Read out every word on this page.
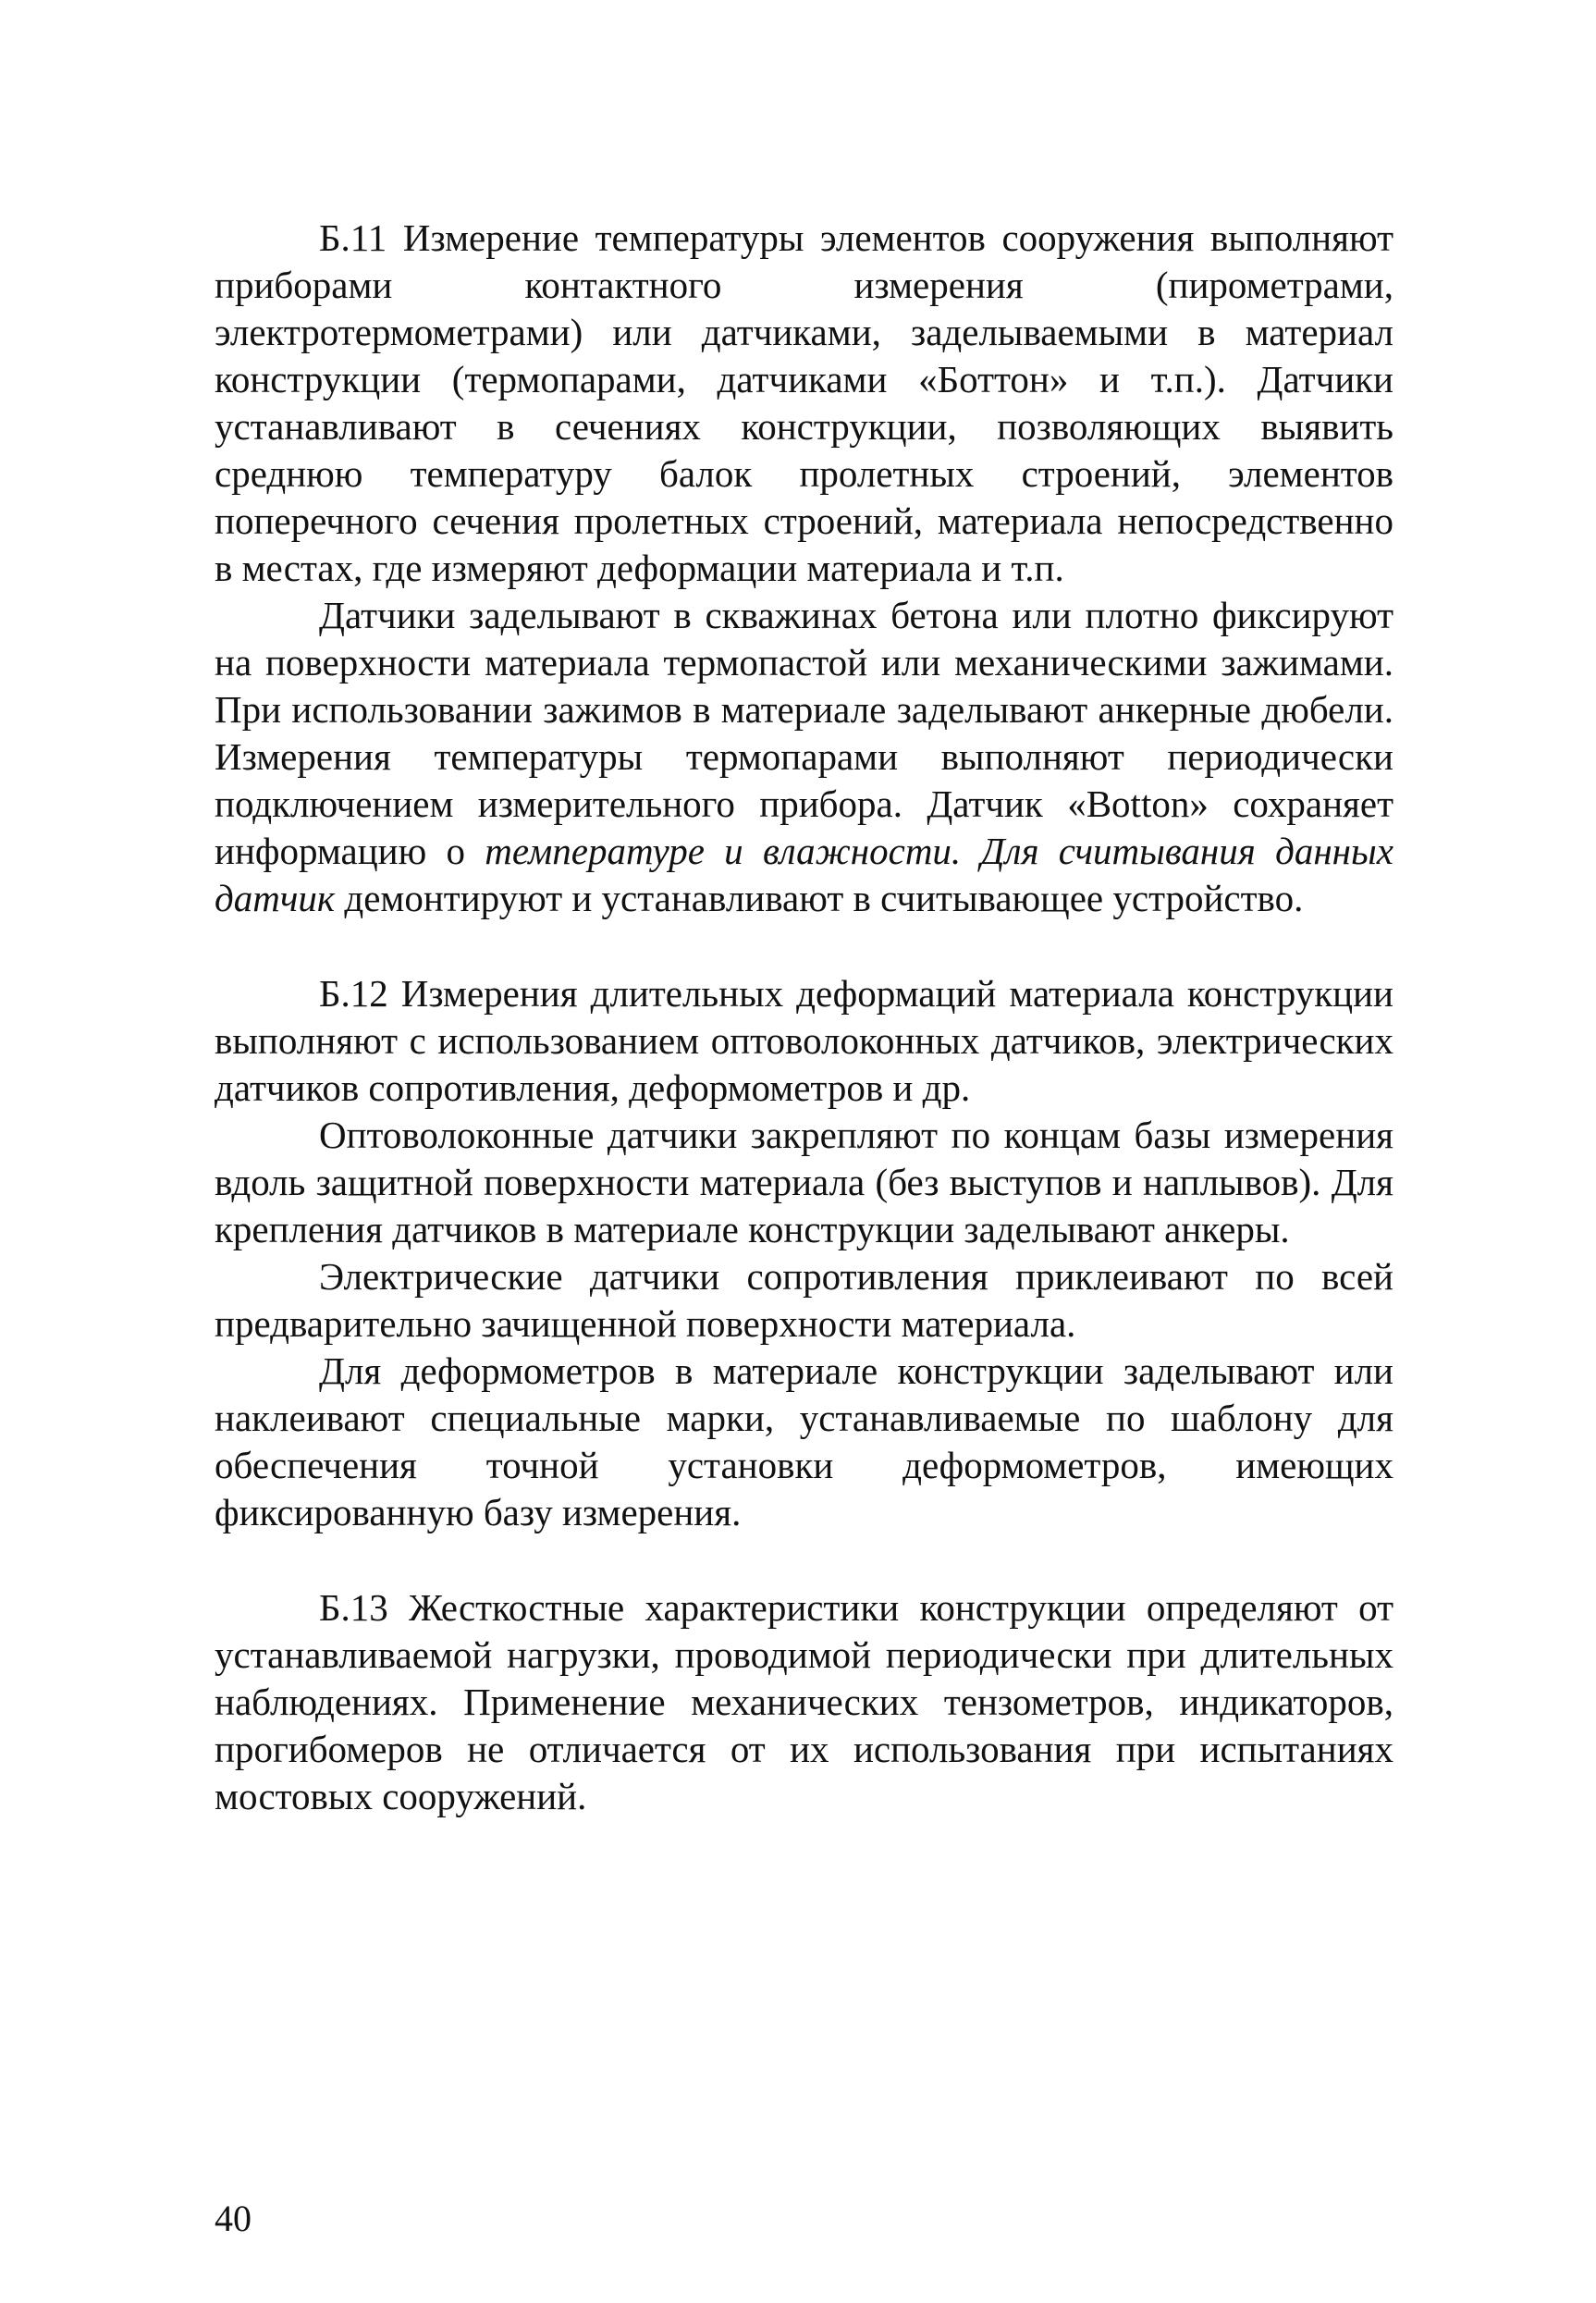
Б.11 Измерение температуры элементов сооружения выполняют приборами контактного измерения (пирометрами, электротермометрами) или датчиками, заделываемыми в материал конструкции (термопарами, датчиками «Боттон» и т.п.). Датчики устанавливают в сечениях конструкции, позволяющих выявить среднюю температуру балок пролетных строений, элементов поперечного сечения пролетных строений, материала непосредственно в местах, где измеряют деформации материала и т.п.

Датчики заделывают в скважинах бетона или плотно фиксируют на поверхности материала термопастой или механическими зажимами. При использовании зажимов в материале заделывают анкерные дюбели. Измерения температуры термопарами выполняют периодически подключением измерительного прибора. Датчик «Botton» сохраняет информацию о температуре и влажности. Для считывания данных датчик демонтируют и устанавливают в считывающее устройство.

Б.12 Измерения длительных деформаций материала конструкции выполняют с использованием оптоволоконных датчиков, электрических датчиков сопротивления, деформометров и др.

Оптоволоконные датчики закрепляют по концам базы измерения вдоль защитной поверхности материала (без выступов и наплывов). Для крепления датчиков в материале конструкции заделывают анкеры.

Электрические датчики сопротивления приклеивают по всей предварительно зачищенной поверхности материала.

Для деформометров в материале конструкции заделывают или наклеивают специальные марки, устанавливаемые по шаблону для обеспечения точной установки деформометров, имеющих фиксированную базу измерения.

Б.13 Жесткостные характеристики конструкции определяют от устанавливаемой нагрузки, проводимой периодически при длительных наблюдениях. Применение механических тензометров, индикаторов, прогибомеров не отличается от их использования при испытаниях мостовых сооружений.

40
